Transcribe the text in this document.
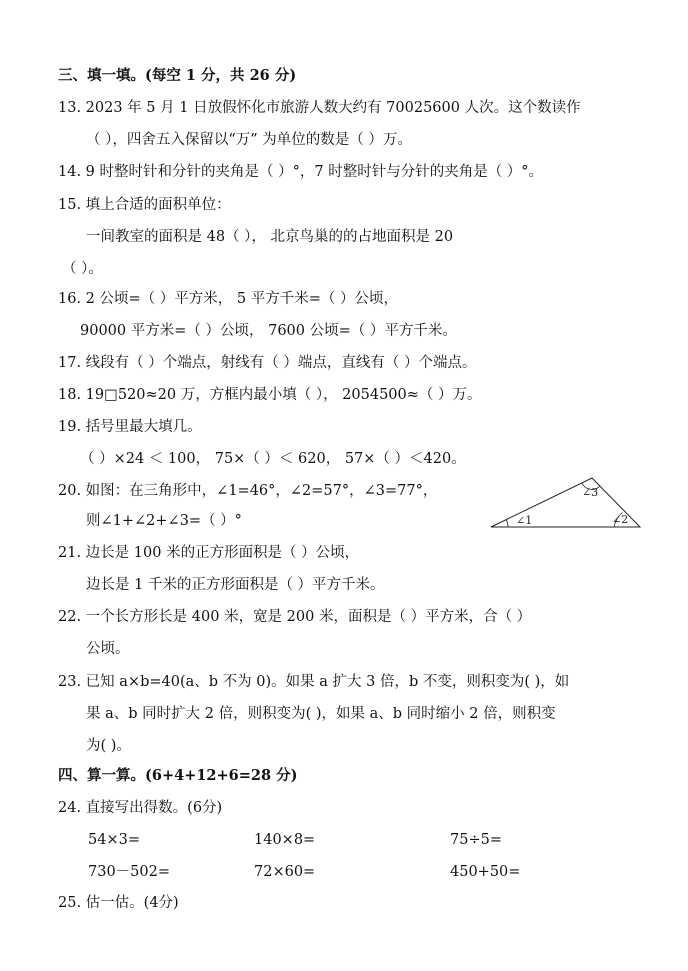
三、填一填。(每空 1 分，共 26 分)
13. 2023 年 5 月 1 日放假怀化市旅游人数大约有 70025600 人次。这个数读作
（ ），四舍五入保留以“万” 为单位的数是（ ）万。
14. 9 时整时针和分针的夹角是（ ）°，7 时整时针与分针的夹角是（ ）°。
15. 填上合适的面积单位：
一间教室的面积是 48（ ）， 北京鸟巢的的占地面积是 20
（ ）。
16. 2 公顷=（ ）平方米， 5 平方千米=（ ）公顷，
90000 平方米=（ ）公顷， 7600 公顷=（ ）平方千米。
17. 线段有（ ）个端点，射线有（ ）端点，直线有（ ）个端点。
18. 19□520≈20 万，方框内最小填（ ）， 2054500≈（ ）万。
19. 括号里最大填几。
（ ）×24 ＜ 100， 75×（ ）＜ 620， 57×（ ）＜420。
20. 如图：在三角形中，∠1=46°，∠2=57°，∠3=77°，
则∠1+∠2+∠3=（ ）°	∠1	∠2
∠3
21. 边长是 100 米的正方形面积是（ ）公顷，
边长是 1 千米的正方形面积是（ ）平方千米。
22. 一个长方形长是 400 米，宽是 200 米，面积是（ ）平方米，合（ ）
公顷。
23. 已知 a×b=40(a、b 不为 0)。如果 a 扩大 3 倍，b 不变，则积变为( )，如
果 a、b 同时扩大 2 倍，则积变为( )，如果 a、b 同时缩小 2 倍，则积变
为( )。
四、算一算。(6+4+12+6=28 分)
24. 直接写出得数。(6分)
54×3=	140×8=	75÷5=
730－502=	72×60=	450+50=
25. 估一估。(4分)
